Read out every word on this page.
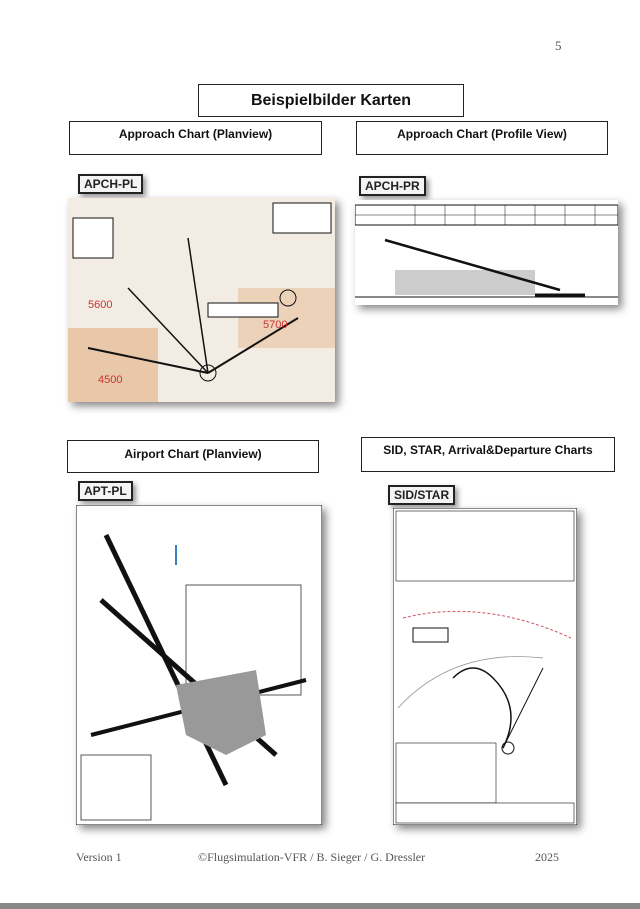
5
Beispielbilder Karten
Approach Chart (Planview)
APCH-PL
5600
5700
4500
Approach Chart (Profile View)
APCH-PR
Airport Chart (Planview)
APT-PL
SID, STAR, Arrival&Departure Charts
SID/STAR
Version 1	©Flugsimulation-VFR / B. Sieger / G. Dressler	2025
